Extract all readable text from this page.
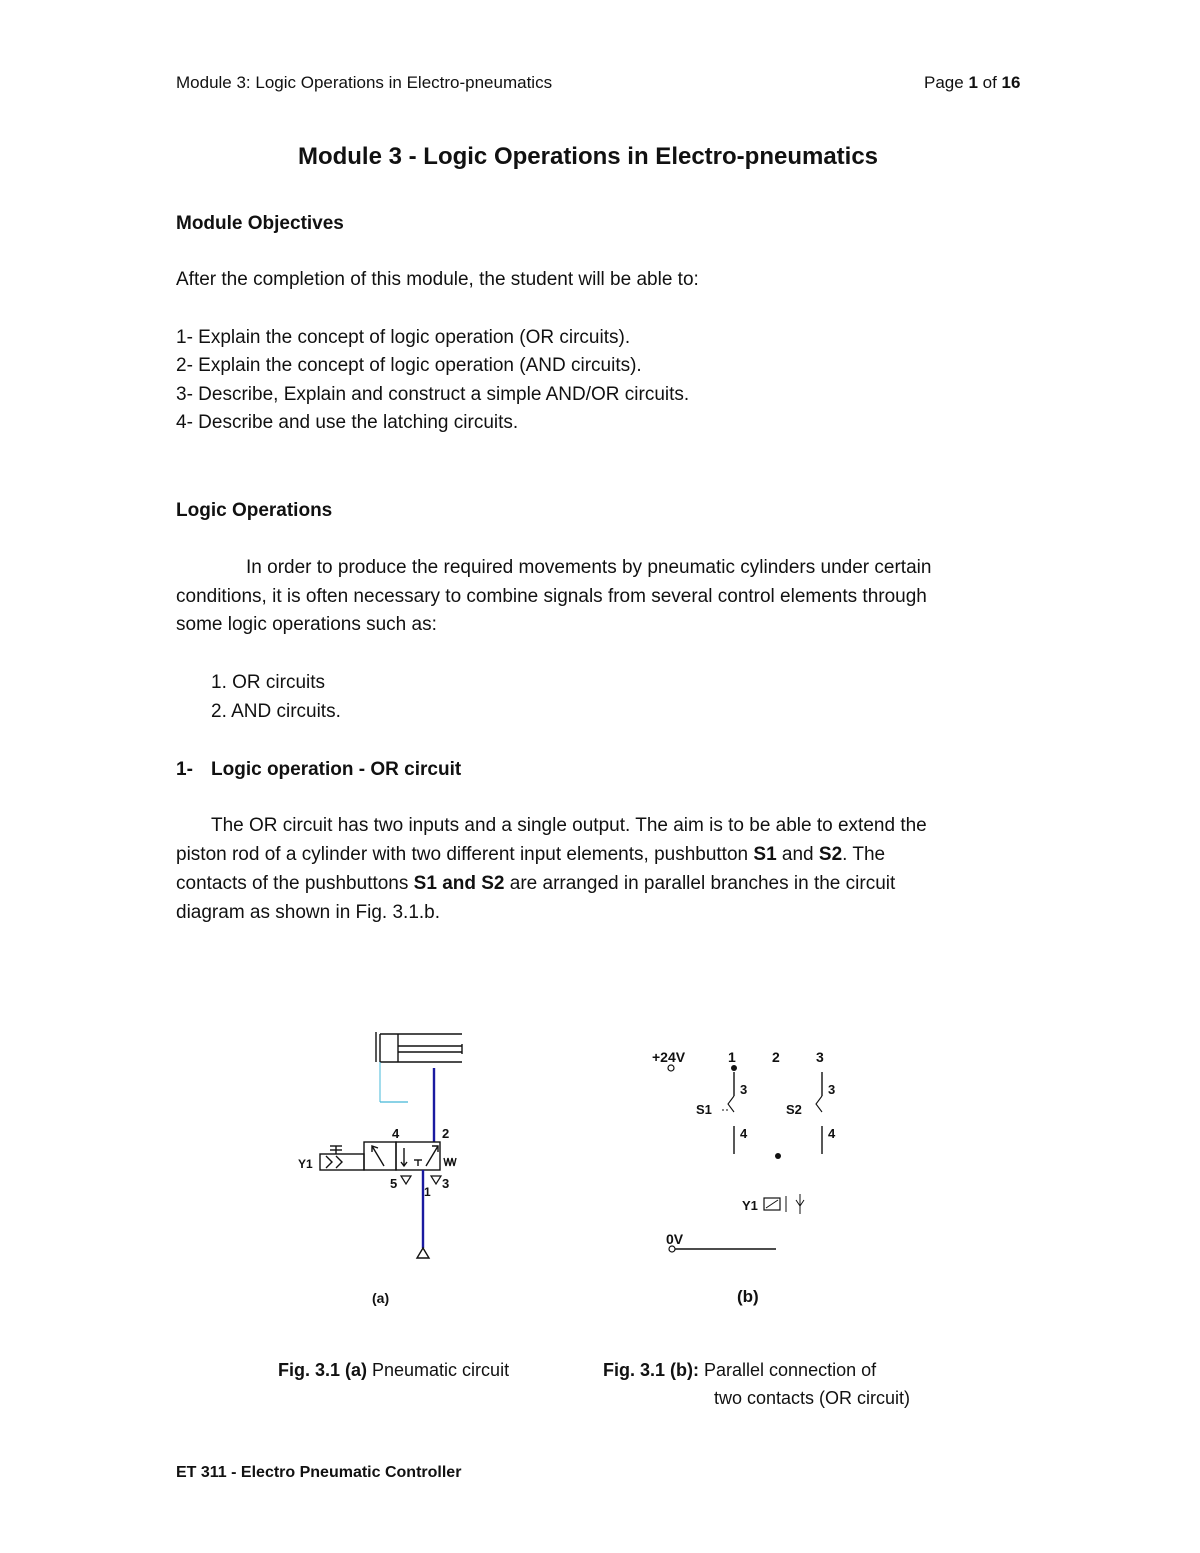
Module 3: Logic Operations in Electro-pneumatics	Page 1 of 16
Module 3 - Logic Operations in Electro-pneumatics
Module Objectives
After the completion of this module, the student will be able to:
1- Explain the concept of logic operation (OR circuits).
2- Explain the concept of logic operation (AND circuits).
3- Describe, Explain and construct a simple AND/OR circuits.
4- Describe and use the latching circuits.
Logic Operations
In order to produce the required movements by pneumatic cylinders under certain
conditions, it is often necessary to combine signals from several control elements through
some logic operations such as:
1. OR circuits
2. AND circuits.
1- Logic operation - OR circuit
The OR circuit has two inputs and a single output. The aim is to be able to extend the
piston rod of a cylinder with two different input elements, pushbutton S1 and S2. The
contacts of the pushbuttons S1 and S2 are arranged in parallel branches in the circuit
diagram as shown in Fig. 3.1.b.
4	2
5
1
3
Y1
+24V	1	2	3
3
4
S1
3
4
S2
Y1
0V
(a)	(b)
Fig. 3.1 (a) Pneumatic circuit	Fig. 3.1 (b): Parallel connection of
two contacts (OR circuit)
ET 311 - Electro Pneumatic Controller
